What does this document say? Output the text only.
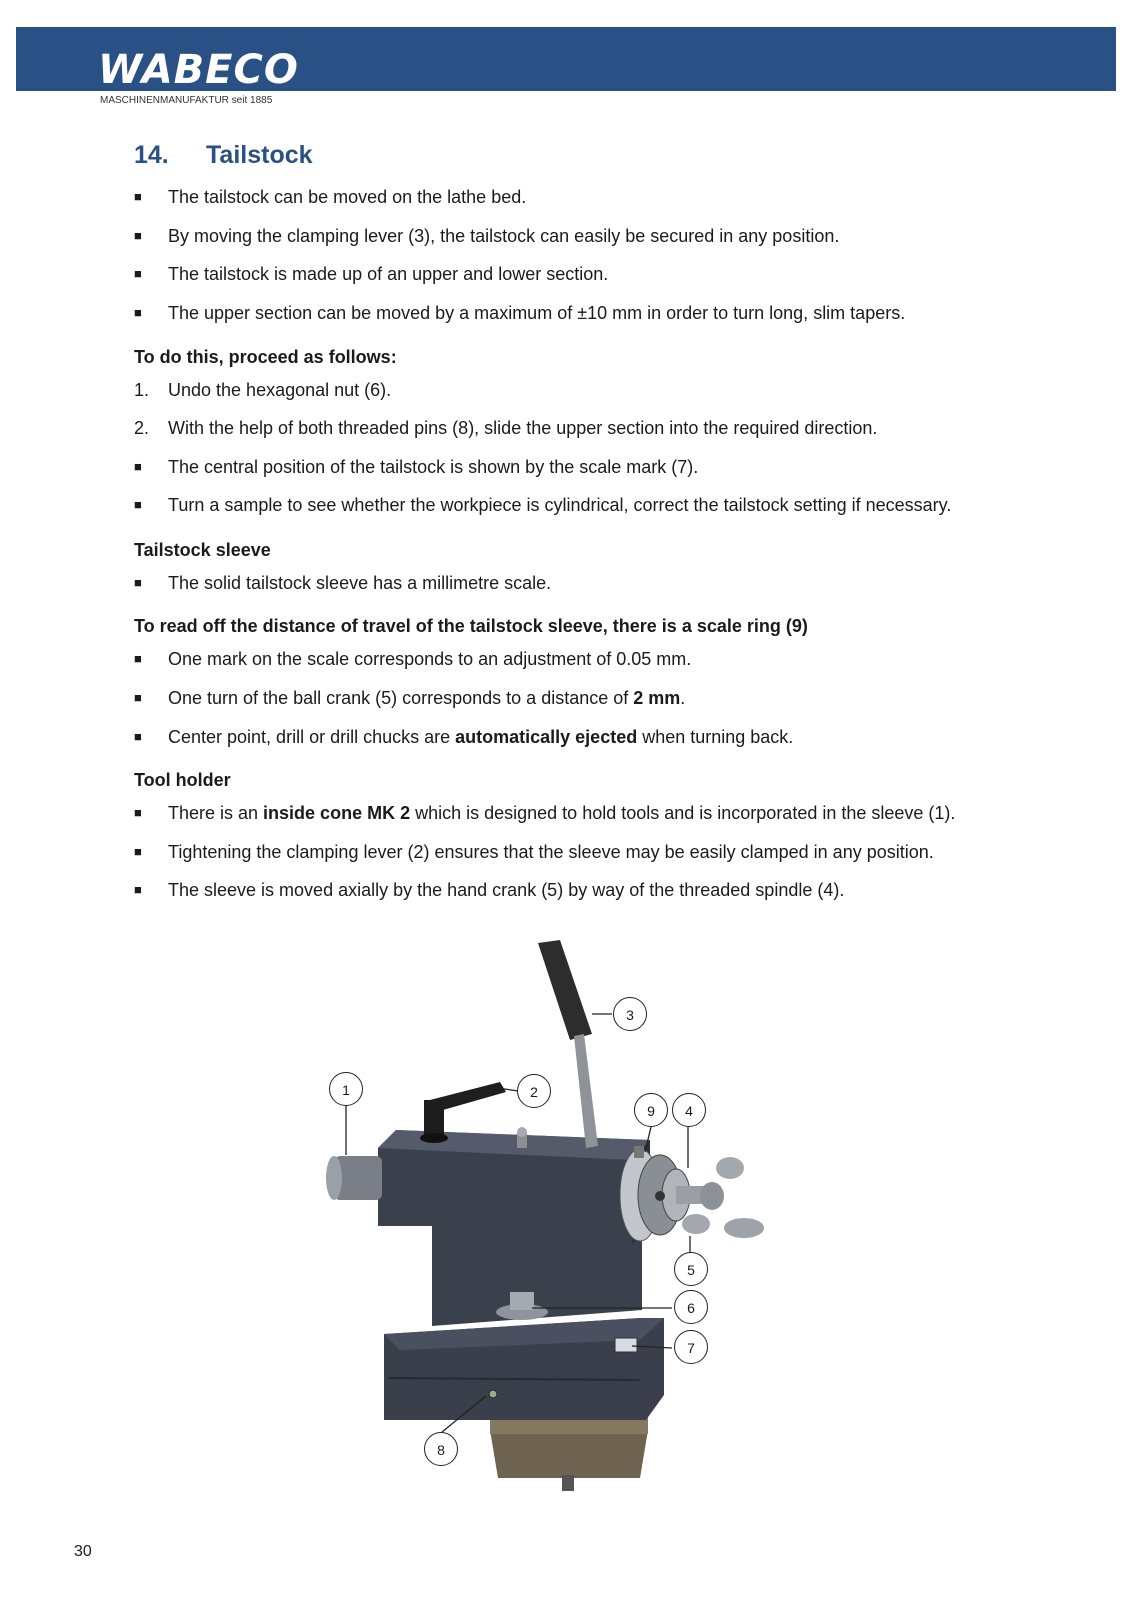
WABECO
MASCHINENMANUFAKTUR seit 1885
14. Tailstock
■ The tailstock can be moved on the lathe bed.
■ By moving the clamping lever (3), the tailstock can easily be secured in any position.
■ The tailstock is made up of an upper and lower section.
■ The upper section can be moved by a maximum of ±10 mm in order to turn long, slim tapers.
To do this, proceed as follows:
1. Undo the hexagonal nut (6).
2. With the help of both threaded pins (8), slide the upper section into the required direction.
■ The central position of the tailstock is shown by the scale mark (7).
■ Turn a sample to see whether the workpiece is cylindrical, correct the tailstock setting if necessary.
Tailstock sleeve
■ The solid tailstock sleeve has a millimetre scale.
To read off the distance of travel of the tailstock sleeve, there is a scale ring (9)
■ One mark on the scale corresponds to an adjustment of 0.05 mm.
■ One turn of the ball crank (5) corresponds to a distance of 2 mm.
■ Center point, drill or drill chucks are automatically ejected when turning back.
Tool holder
■ There is an inside cone MK 2 which is designed to hold tools and is incorporated in the sleeve (1).
■ Tightening the clamping lever (2) ensures that the sleeve may be easily clamped in any position.
■ The sleeve is moved axially by the hand crank (5) by way of the threaded spindle (4).
1	2
3
4
5
6
7
8
9
30
